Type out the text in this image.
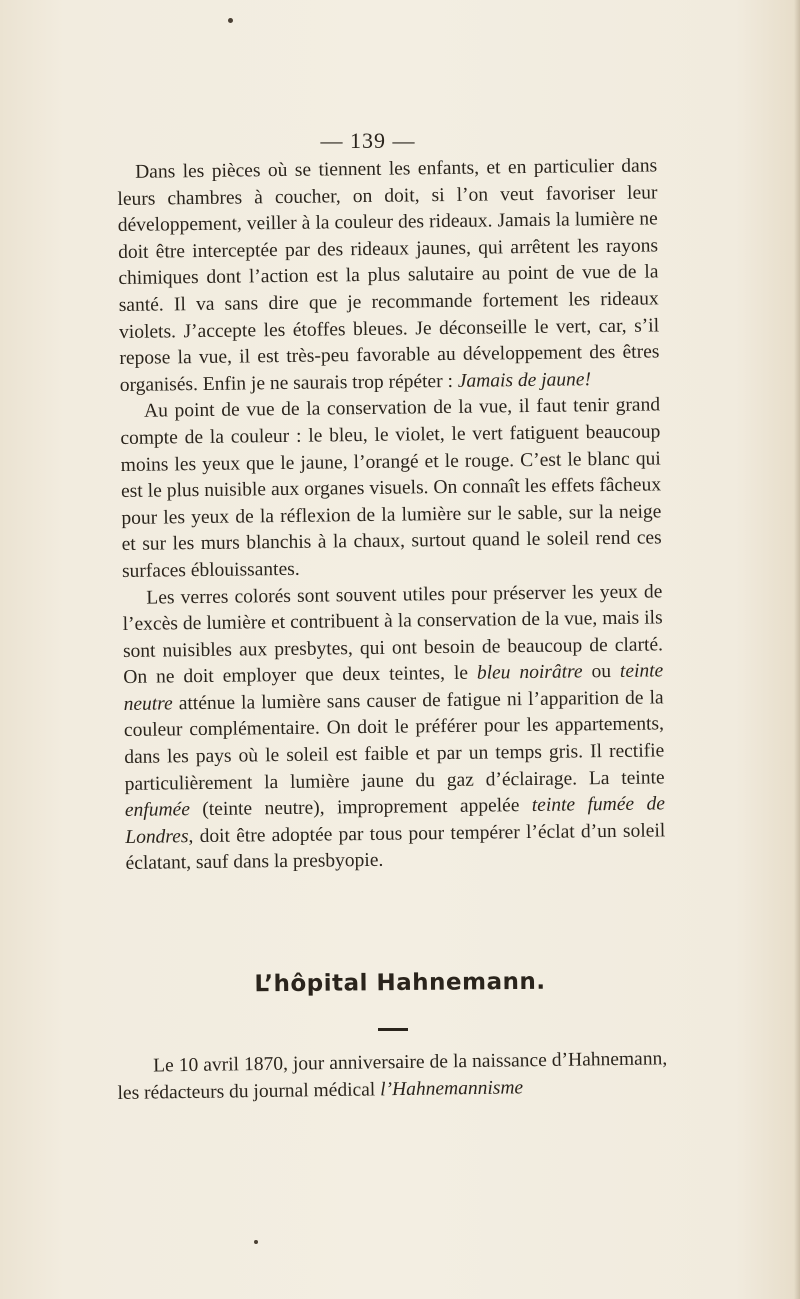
— 139 —

Dans les pièces où se tiennent les enfants, et en particulier dans leurs chambres à coucher, on doit, si l’on veut favoriser leur développement, veiller à la couleur des rideaux. Jamais la lumière ne doit être interceptée par des rideaux jaunes, qui arrêtent les rayons chimiques dont l’action est la plus salutaire au point de vue de la santé. Il va sans dire que je recommande fortement les rideaux violets. J’accepte les étoffes bleues. Je déconseille le vert, car, s’il repose la vue, il est très-peu favorable au développement des êtres organisés. Enfin je ne saurais trop répéter : Jamais de jaune!

Au point de vue de la conservation de la vue, il faut tenir grand compte de la couleur : le bleu, le violet, le vert fatiguent beaucoup moins les yeux que le jaune, l’orangé et le rouge. C’est le blanc qui est le plus nuisible aux organes visuels. On connaît les effets fâcheux pour les yeux de la réflexion de la lumière sur le sable, sur la neige et sur les murs blanchis à la chaux, surtout quand le soleil rend ces surfaces éblouissantes.

Les verres colorés sont souvent utiles pour préserver les yeux de l’excès de lumière et contribuent à la conservation de la vue, mais ils sont nuisibles aux presbytes, qui ont besoin de beaucoup de clarté. On ne doit employer que deux teintes, le bleu noirâtre ou teinte neutre atténue la lumière sans causer de fatigue ni l’apparition de la couleur complémentaire. On doit le préférer pour les appartements, dans les pays où le soleil est faible et par un temps gris. Il rectifie particulièrement la lumière jaune du gaz d’éclairage. La teinte enfumée (teinte neutre), improprement appelée teinte fumée de Londres, doit être adoptée par tous pour tempérer l’éclat d’un soleil éclatant, sauf dans la presbyopie.

L’hôpital Hahnemann.

Le 10 avril 1870, jour anniversaire de la naissance d’Hahnemann, les rédacteurs du journal médical l’Hahnemannisme
